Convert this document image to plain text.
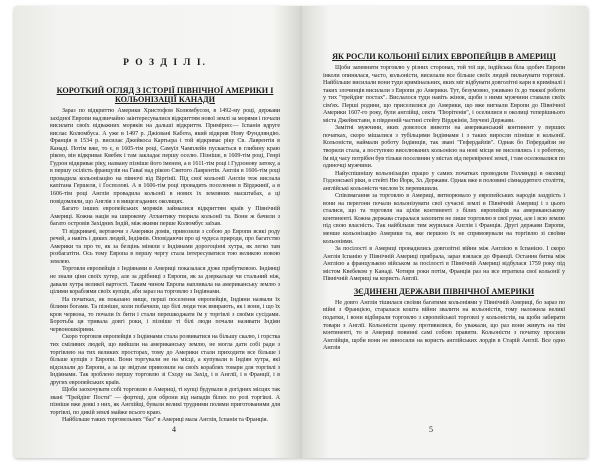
Р О З Д І Л І.
КОРОТКИЙ ОГЛЯД З ІСТОРІЇ ПІВНІЧНОЇ АМЕРИКИ І КОЛЬОНІЗАЦІЇ КАНАДИ

Зараз по відкриттю Америки Христофом Колюмбусом, в 1492-му році, держави західної Европи надзвичайно заінтересувалися відкриттям нової землі за морями і почали висилати своїх відважних моряків на дальші відкриття. Примірно:— Іспанія вдруге вислає Колюмбуса. А уже в 1497 р. Джіовані Кабота, який відкрив Нову Фундляндію. Франція в 1534 р. висилає Джейкоса Картьєра і той відкриває ріку Св. Лаврентія в Канаді. Потім вже, то є, в 1605-тім році, Самуїл Чамплейн пускається в глибину краю рікою, він відкриває Квебек і там закладає першу оселю. Пізніше, в 1609-тім році, Генрі Гудзон відкриває ріку, названу пізніше його іменем, а в 1611-тім році і Гудзонову затоку, а в першу осілість французів на Гаваї над рікою Святого Лаврентія. Англія в 1606-тім році провадила кольонізацію на півночі від Віргінії. Під свої кольонії Англія теж вислала капітана Гершеля, і Ґосполові. А в 1606-тім році провадить поселення в Вірджинії, а в 1606-тім році Англія провадила кольонії в нових їх земляних масштабах, а ці повідомляли, що Англія з в вищезгаданих околицях.

Багато інших европейських моряків займалися відкриттям країв у Північній Америці. Кожна нація на широкому Атлантику творила кольонії та. Вони ж бачили з багато островів Західних Індій, між якими перше Колюмбус заїхав.

Ті відкривачі, вертаючи з Америки домів, привозили з собою до Европи всякі роду речей, а навіть і диких людей, Індіянів. Оповідаючи про ці чудеса природи, про багатство Америки та про те, як за безцінь міняли з Індіянами дорогоцінні хутра, як легко там розбагатіти. Ось тому Европа в першу чергу стала інтересуватися тою великою новою землею.

Торговля европейців з Індіянами в Америці показалася дуже прибутковою. Індіянці не знали ціни своїх хутер, але за дрібниці з Европи, як за дзеркальце чи стальний ніж, давали хутра великої вартості. Таким чином Европа напливала на американську землю з цілими кораблями своїх купців, аби зараз на торговлю з Індіянами.

На початках, як показано вище, перші поселення европейців, Індіяни назвали їх білими богами. Та пізніше, коли побачили, що білі люди теж вмирають, як і вони, і що їх кров червона, то почали їх бити і стали перешкоджати їм у торгівлі з своїми сусідами. Боротьба ця тривала довгі роки, і пізніше ті білі люди почали називати Індіян червоношкірими.

Скоро торговля европейців з Індіянами стала розвиватися на більшу скалю, і горстка тих сміливих людей, що вийшли на американську землю, не могла дати собі ради з торгівлею на тих великих просторах, тому до Америки стали приходити все більше і більше купців з Европи. Вони торгували не на місці, а купували в Індіян хутра, які відсилали до Европи, а за це звідтам привозили на своїх кораблях товари для торгівлі з Індіянами. Так зроблено першу торговлю зі Сходу на Захід, і в Англії, і в Франції, і в других европейських країв.

Щоби заохочувати собі торговлю в Америці, ті купці будували в догідних місцях так звані "Трейдінг Пости" — фортеці, для оброни від нападів білих по розі торгівлі. А пізніше вже деякі з них, як Англійці, бували великі трудними полями приготованими для торгівлі, по дикій землі майже всього краю.

Найбільше таких торговельних "баз" в Америці мала Англія, Іспанія та Франція.

4
ЯК РОСЛИ КОЛЬОНІЇ БІЛИХ ЕВРОПЕЙЦІВ В АМЕРИЦІ

Щоби запевнити торговлю у різних сторонах, той тої ще, індійська біла здобич Европи інколи опинялася, часто, кольоністи, висилали все більше своїх людей пильнувати торговлі. Найбільше висилали вони туди кримінальних, яких міг відбувати довголітні кари в криміналі і таких злочинців висилали з Европи до Америки. Тут, безумовно, уживано їх до тяжкої роботи у тих "трейдінг постах". Вислалося туди навіть жінок, щоби з ними мужчини ставали своїх сім'ях. Перші родини, що приселилися до Америки, що вже вигнали Европи до Північної Америки 1607-го року, були англійці, секта "Пюрітенів", і оселилися в околиці теперішнього міста Джеймставн, в південній частині стейту Вірджінія, Злучені Держави.

Замітні мужчини, яких довелося вивезти на американський континент у перших початках, скоро мішалися з тубільцями Індіянами і з таких виросли пізніше в кольонії. Кольоністи, наймали роботу Індіянців, так звані "Гефердайзів". Однак бо Гефердайзи не творили стала, а поступово виселюваних кольонією на нові місця не виселялись і з роботою, їм від часу потрібен був тільки поселянин у містах від перевіреної землі, і там оселювалися по одиночці мужчини.

Найуспішнішу кольонізацію працю у самих початках проводили Голляндці в околиці Годзонської ріки, в стейті Ню Йорк, Зл. Держави. Однак вже в половині сімнадцятого століття, англійські кольоністи числом їх перевишили.

Співзмагання за торговлю в Америці, витворювало у европейських народів заздрість і вони на перегони почали кольонізувати свої сучасні землі в Північній Америці і з цього сталися, що та торговля на цілім континенті з білих европейців на американському континенті. Кожна держава старалася захопити не лише торговлю в свої руки, але і всю землю під свою власність. Так найбільше тим журилася Англія і Франція. Другі держави Европи, менше кольонізацію Америки та, яке першою їх не спрямовували на торгівлю зі своїми кольоніями.

За посілості в Америці провадились довголітні війни між Англією в Іспанією. І скоро Англія Іспанію у Північній Америці прибрала, зараз взялася до Франції. Остання битва між Англією а французькою військом за посілості в Північній Америці відбулася 1759 року під містом Квебеком у Канаді. Чотири роки потім, Франція раз на все втратила свої кольонії у Північній Америці на користь Англії.

ЗЄДИНЕНІ ДЕРЖАВИ ПІВНІЧНОЇ АМЕРИКИ

Не довго Англія тішилася своїми багатими кольоніями у Північній Америці, бо зараз по війні з Францією, старалася кошта війни звалити на кольоністів, тому наложила великі податки, і вони відбирали торговлю з європейської торговлі у кольоністів, на щоби забирати товари з Англії. Кольоністи цьому противилися, бо уважали, що раз вони живуть на тім континенті, то в Америці повинні самі собою правити. Кольоністи з початку просили Англійців, щоби вони не виносили на користь англійських лордів в Старій Англії. Все одно Англія

5
